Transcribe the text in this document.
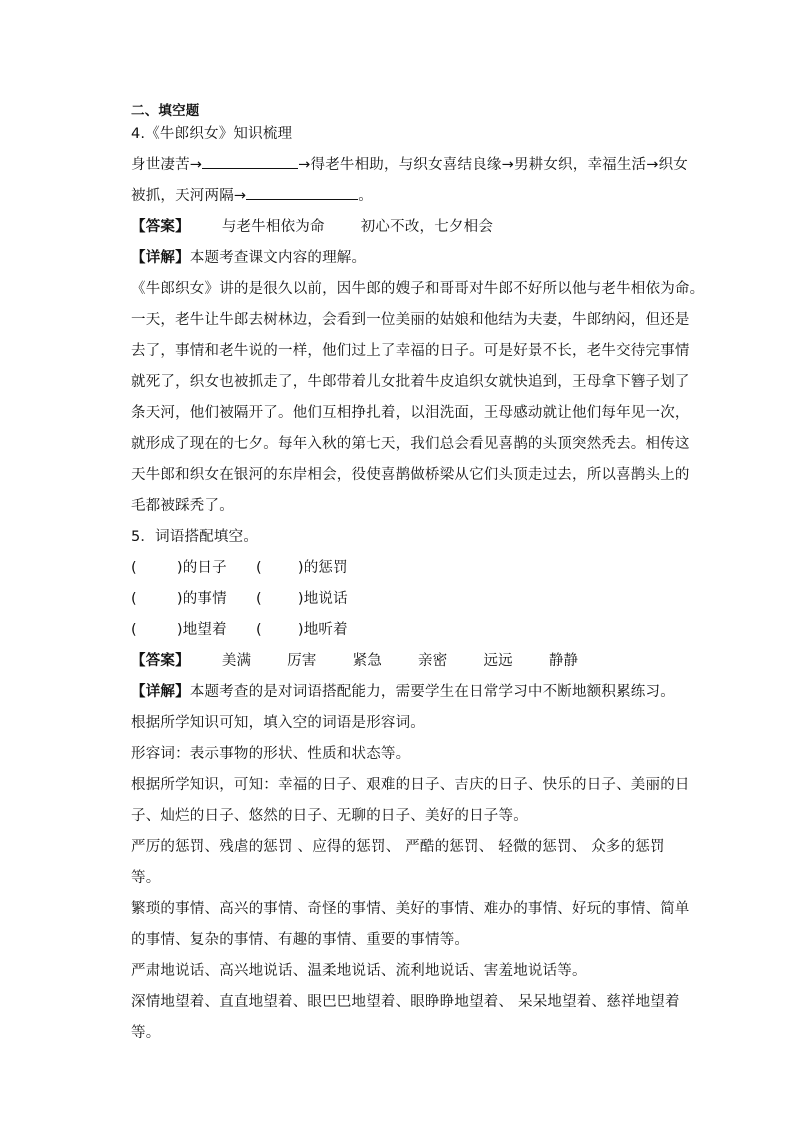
二、填空题
4.《牛郎织女》知识梳理
身世凄苦→	→得老牛相助，与织女喜结良缘→男耕女织，幸福生活→织女
被抓，天河两隔→	。
【答案】 与老牛相依为命 初心不改，七夕相会
【详解】本题考查课文内容的理解。
《牛郎织女》讲的是很久以前，因牛郎的嫂子和哥哥对牛郎不好所以他与老牛相依为命。
一天，老牛让牛郎去树林边，会看到一位美丽的姑娘和他结为夫妻，牛郎纳闷，但还是
去了，事情和老牛说的一样，他们过上了幸福的日子。可是好景不长，老牛交待完事情
就死了，织女也被抓走了，牛郎带着儿女批着牛皮追织女就快追到，王母拿下簪子划了
条天河，他们被隔开了。他们互相挣扎着，以泪洗面，王母感动就让他们每年见一次，
就形成了现在的七夕。每年入秋的第七天，我们总会看见喜鹊的头顶突然秃去。相传这
天牛郎和织女在银河的东岸相会，役使喜鹊做桥梁从它们头顶走过去，所以喜鹊头上的
毛都被踩秃了。
5．词语搭配填空。
(	)的日子	( )的惩罚
(	)的事情	( )地说话
(	)地望着	( )地听着
【答案】 美满 厉害 紧急 亲密 远远 静静
【详解】本题考查的是对词语搭配能力，需要学生在日常学习中不断地额积累练习。
根据所学知识可知，填入空的词语是形容词。
形容词：表示事物的形状、性质和状态等。
根据所学知识，可知：幸福的日子、艰难的日子、吉庆的日子、快乐的日子、美丽的日
子、灿烂的日子、悠然的日子、无聊的日子、美好的日子等。
严厉的惩罚、残虐的惩罚 、应得的惩罚、 严酷的惩罚、 轻微的惩罚、 众多的惩罚
等。
繁琐的事情、高兴的事情、奇怪的事情、美好的事情、难办的事情、好玩的事情、简单
的事情、复杂的事情、有趣的事情、重要的事情等。
严肃地说话、高兴地说话、温柔地说话、流利地说话、害羞地说话等。
深情地望着、直直地望着、眼巴巴地望着、眼睁睁地望着、 呆呆地望着、慈祥地望着
等。
